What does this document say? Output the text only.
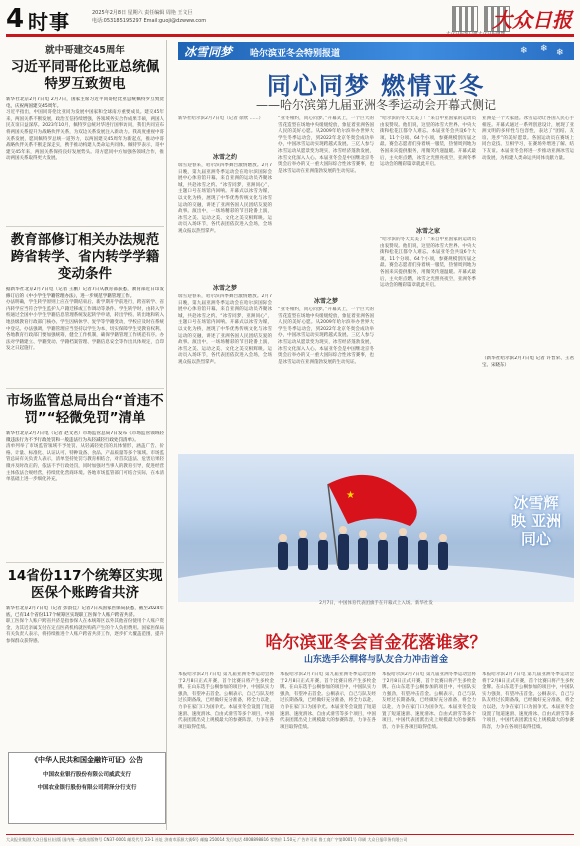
4 时事	2025年2月8日 星期六 责任编辑 周艳 王文巨
电话:053185195297 Email:guoji@dzwww.com	大众日报
就中哥建交45周年
习近平同哥伦比亚总统佩特罗互致贺电
新华社北京2月7日电 2月7日，国家主席习近平同哥伦比亚总统佩特罗互致贺电，庆祝两国建交45周年。
习近平指出，中国同哥伦比亚同为发展中国家和全球南方重要成员。建交45年来，两国关系不断发展，政治互信持续增强，各领域务实合作成果丰硕，两国人民友谊日益深厚。2023年10月，佩特罗总统对华进行国事访问，我们共同宣布将两国关系提升为战略伙伴关系，为双边关系发展注入新动力。我高度重视中哥关系发展，愿同佩特罗总统一道努力，以两国建交45周年为新起点，推动中哥战略伙伴关系不断走深走实，携手推动构建人类命运共同体。佩特罗表示，哥中建交45年来，两国关系保持良好发展势头。哥方愿同中方加强各领域合作，推动两国关系取得更大发展。
教育部修订相关办法规范跨省转学、省内转学学籍变动条件
据新华社北京2月7日电（记者 王鹏）记者7日从教育部获悉，教育部近日印发修订后的《中小学生学籍管理办法》，进一步规范学籍管理工作。
办法明确，学生转学原则上应在学期结束后、新学期开学前进行，跨省转学、省内转学应当符合学生监护人户籍迁移或工作调动等条件。学生转学时，由转入学校通过全国中小学生学籍信息管理系统发起转学申请，转出学校、转出地和转入地县级教育行政部门核办。学生因病休学、复学等学籍变动，学校应及时在系统中登记。办法强调，学籍管理应当坚持以学生为本，切实保障学生受教育权利。各地教育行政部门要加强统筹，健全工作机制，确保学籍管理工作规范有序。办法对学籍建立、学籍变动、学籍档案管理、学籍信息安全等作出具体规定，自印发之日起施行。
市场监管总局出台“首违不罚”“轻微免罚”清单
新华社北京2月7日电（记者 赵文君）市场监管总局7日发布《市场监管领域轻微违法行为不予行政处罚和一般违法行为从轻减轻行政处罚清单》。
清单列举了市场监管领域不予处罚、从轻减轻处罚的具体情形，涵盖广告、价格、计量、标准化、认证认可、特种设备、食品、产品质量等多个领域。市场监管总局有关负责人表示，清单坚持处罚与教育相结合，对首次违法、危害后果轻微并及时改正的，依法不予行政处罚，同时加强对当事人的教育引导，促进经营主体依法合规经营，持续优化营商环境。各地市场监管部门可结合实际，在本清单基础上进一步细化补充。
14省份117个统筹区实现医保个账跨省共济
新华社北京2月7日电（记者 彭韵佳）记者7日从国家医保局获悉，截至2024年底，已有14个省份117个统筹区实现职工医保个人账户跨省共济。
职工医保个人账户跨省共济是指参保人在本统筹区以外其他省份使用个人账户资金，为其近亲属支付在定点医药机构就医购药产生的个人负担费用。国家医保局有关负责人表示，将持续推进个人账户跨省共济工作，逐步扩大覆盖范围，提升参保群众获得感。
《中华人民共和国金融许可证》公告
中国农业银行股份有限公司威武支行
中国农业银行股份有限公司菏泽分行支行
冰雪同梦 哈尔滨亚冬会特别报道	❄ ❄ ❄
同心同梦 燃情亚冬
——哈尔滨第九届亚洲冬季运动会开幕式侧记
新华社哈尔滨2月7日电（记者 徐欣 ……）
冰雪之约
瑞雪迎春来，哈尔滨四季舞台激情燃放。2月7日晚，第九届亚洲冬季运动会在哈尔滨国际会展中心体育馆开幕。来自亚洲的运动员齐聚冰城，共赴冰雪之约。“冰雪同梦，亚洲同心”，主题口号在场馆内回响。开幕式以冰雪为媒，以文化为桥，展现了中华优秀传统文化与冰雪运动的交融，讲述了亚洲各国人民团结友爱的故事。演出中，一场场精彩的节目轮番上演，冰雪之美、运动之美、文化之美交相辉映。运动员入场环节，各代表团依次进入会场，全场观众报以热烈掌声。
冰雪之梦
瑞雪迎春来，哈尔滨四季舞台激情燃放。2月7日晚，第九届亚洲冬季运动会在哈尔滨国际会展中心体育馆开幕。来自亚洲的运动员齐聚冰城，共赴冰雪之约。“冰雪同梦，亚洲同心”，主题口号在场馆内回响。开幕式以冰雪为媒，以文化为桥，展现了中华优秀传统文化与冰雪运动的交融，讲述了亚洲各国人民团结友爱的故事。演出中，一场场精彩的节目轮番上演，冰雪之美、运动之美、文化之美交相辉映。运动员入场环节，各代表团依次进入会场，全场观众报以热烈掌声。
“亚冬相约，同心同梦。”开幕式上，一个巨大的雪花造型在场地中央缓缓绽放，象征着亚洲各国人民的美好心愿。从2009年哈尔滨举办世界大学生冬季运动会，到2022年北京冬奥会成功举办，中国冰雪运动实现跨越式发展。三亿人参与冰雪运动从愿景变为现实，冰雪经济蓬勃发展，冰雪文化深入人心。本届亚冬会是中国继北京冬奥会后举办的又一重大国际综合性冰雪赛事，也是冰雪运动在亚洲蓬勃发展的生动见证。
冰雪之梦
“亚冬相约，同心同梦。”开幕式上，一个巨大的雪花造型在场地中央缓缓绽放，象征着亚洲各国人民的美好心愿。从2009年哈尔滨举办世界大学生冬季运动会，到2022年北京冬奥会成功举办，中国冰雪运动实现跨越式发展。三亿人参与冰雪运动从愿景变为现实，冰雪经济蓬勃发展，冰雪文化深入人心。本届亚冬会是中国继北京冬奥会后举办的又一重大国际综合性冰雪赛事，也是冰雪运动在亚洲蓬勃发展的生动见证。
“哈尔滨的冬天太美了！”来自中亚国家的运动员由衷赞叹。他们说，这里的冰雪大世界、中央大街和松花江都令人难忘。本届亚冬会共设6个大项、11个分项、64个小项，参赛规模创历届之最。赛会志愿者们身着统一服装，热情周到地为各国来宾提供服务，用微笑传递温暖。开幕式最后，主火炬点燃，冰雪之光照亮夜空，亚洲冬季运动会的精彩篇章就此开启。
冰雪之家
“哈尔滨的冬天太美了！”来自中亚国家的运动员由衷赞叹。他们说，这里的冰雪大世界、中央大街和松花江都令人难忘。本届亚冬会共设6个大项、11个分项、64个小项，参赛规模创历届之最。赛会志愿者们身着统一服装，热情周到地为各国来宾提供服务，用微笑传递温暖。开幕式最后，主火炬点燃，冰雪之光照亮夜空，亚洲冬季运动会的精彩篇章就此开启。
亚洲是一个大家庭。冰雪运动让各国人民心手相连。开幕式通过一系列创意设计，展现了亚洲文明的多样性与包容性，表达了“团结、友谊、进步”的美好愿景。各国运动员在赛场上同台竞技、互相学习，在赛场外增进了解、结下友谊。本届亚冬会将进一步推动亚洲冰雪运动发展，为构建人类命运共同体贡献力量。
（新华社哈尔滨2月7日电 记者 许晋荣、王君宝、宋晓东）
★	冰雪辉映 亚洲同心
2月7日，中国体育代表团旗手在开幕式上入场。新华社发
哈尔滨亚冬会首金花落谁家？
山东选手公桐将与队友合力冲击首金
本报哈尔滨2月7日电 第九届亚洲冬季运动会将于2月8日正式开赛，首个比赛日将产生多枚金牌。在山东选手公桐参加的项目中，中国队实力强劲，有望冲击首金。公桐表示，自己与队友经过长期备战，已经做好充分准备，将全力以赴，力争在家门口为国争光。本届亚冬会设置了短道速滑、速度滑冰、自由式滑雪等多个项目，中国代表团派出史上规模最大的参赛阵容，力争在各项目取得佳绩。
本报哈尔滨2月7日电 第九届亚洲冬季运动会将于2月8日正式开赛，首个比赛日将产生多枚金牌。在山东选手公桐参加的项目中，中国队实力强劲，有望冲击首金。公桐表示，自己与队友经过长期备战，已经做好充分准备，将全力以赴，力争在家门口为国争光。本届亚冬会设置了短道速滑、速度滑冰、自由式滑雪等多个项目，中国代表团派出史上规模最大的参赛阵容，力争在各项目取得佳绩。
本报哈尔滨2月7日电 第九届亚洲冬季运动会将于2月8日正式开赛，首个比赛日将产生多枚金牌。在山东选手公桐参加的项目中，中国队实力强劲，有望冲击首金。公桐表示，自己与队友经过长期备战，已经做好充分准备，将全力以赴，力争在家门口为国争光。本届亚冬会设置了短道速滑、速度滑冰、自由式滑雪等多个项目，中国代表团派出史上规模最大的参赛阵容，力争在各项目取得佳绩。
本报哈尔滨2月7日电 第九届亚洲冬季运动会将于2月8日正式开赛，首个比赛日将产生多枚金牌。在山东选手公桐参加的项目中，中国队实力强劲，有望冲击首金。公桐表示，自己与队友经过长期备战，已经做好充分准备，将全力以赴，力争在家门口为国争光。本届亚冬会设置了短道速滑、速度滑冰、自由式滑雪等多个项目，中国代表团派出史上规模最大的参赛阵容，力争在各项目取得佳绩。
大众报业集团(大众日报社)出版 国内统一连续出版物号 CN37-0001 邮发代号 23-1 社址 济南市泺源大街6号 邮编 250014 发行电话 4008898816 零售价 1.50元 广告许可证 鲁工商广字第0001号 印刷 大众日报印务有限公司
